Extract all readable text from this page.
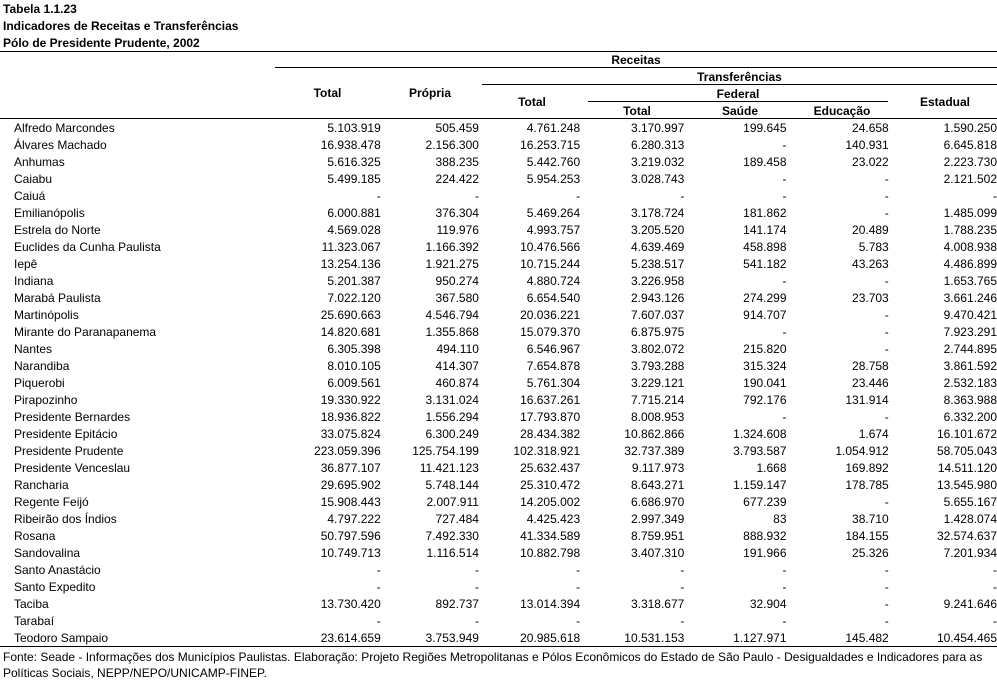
Tabela 1.1.23
Indicadores de Receitas e Transferências
Pólo de Presidente Prudente, 2002
Receitas
Transferências
Federal
Total	Própria
Total
Total	Saúde	Educação
Estadual
Alfredo Marcondes	5.103.919	505.459	4.761.248	3.170.997	199.645	24.658	1.590.250
Álvares Machado	16.938.478	2.156.300	16.253.715	6.280.313	-	140.931	6.645.818
Anhumas	5.616.325	388.235	5.442.760	3.219.032	189.458	23.022	2.223.730
Caiabu	5.499.185	224.422	5.954.253	3.028.743	-	-	2.121.502
Caiuá	-	-	-	-	-	-	-
Emilianópolis	6.000.881	376.304	5.469.264	3.178.724	181.862	-	1.485.099
Estrela do Norte	4.569.028	119.976	4.993.757	3.205.520	141.174	20.489	1.788.235
Euclides da Cunha Paulista	11.323.067	1.166.392	10.476.566	4.639.469	458.898	5.783	4.008.938
Iepê	13.254.136	1.921.275	10.715.244	5.238.517	541.182	43.263	4.486.899
Indiana	5.201.387	950.274	4.880.724	3.226.958	-	-	1.653.765
Marabá Paulista	7.022.120	367.580	6.654.540	2.943.126	274.299	23.703	3.661.246
Martinópolis	25.690.663	4.546.794	20.036.221	7.607.037	914.707	-	9.470.421
Mirante do Paranapanema	14.820.681	1.355.868	15.079.370	6.875.975	-	-	7.923.291
Nantes	6.305.398	494.110	6.546.967	3.802.072	215.820	-	2.744.895
Narandiba	8.010.105	414.307	7.654.878	3.793.288	315.324	28.758	3.861.592
Piquerobi	6.009.561	460.874	5.761.304	3.229.121	190.041	23.446	2.532.183
Pirapozinho	19.330.922	3.131.024	16.637.261	7.715.214	792.176	131.914	8.363.988
Presidente Bernardes	18.936.822	1.556.294	17.793.870	8.008.953	-	-	6.332.200
Presidente Epitácio	33.075.824	6.300.249	28.434.382	10.862.866	1.324.608	1.674	16.101.672
Presidente Prudente	223.059.396	125.754.199	102.318.921	32.737.389	3.793.587	1.054.912	58.705.043
Presidente Venceslau	36.877.107	11.421.123	25.632.437	9.117.973	1.668	169.892	14.511.120
Rancharia	29.695.902	5.748.144	25.310.472	8.643.271	1.159.147	178.785	13.545.980
Regente Feijó	15.908.443	2.007.911	14.205.002	6.686.970	677.239	-	5.655.167
Ribeirão dos Índios	4.797.222	727.484	4.425.423	2.997.349	83	38.710	1.428.074
Rosana	50.797.596	7.492.330	41.334.589	8.759.951	888.932	184.155	32.574.637
Sandovalina	10.749.713	1.116.514	10.882.798	3.407.310	191.966	25.326	7.201.934
Santo Anastácio	-	-	-	-	-	-	-
Santo Expedito	-	-	-	-	-	-	-
Taciba	13.730.420	892.737	13.014.394	3.318.677	32.904	-	9.241.646
Tarabaí	-	-	-	-	-	-	-
Teodoro Sampaio	23.614.659	3.753.949	20.985.618	10.531.153	1.127.971	145.482	10.454.465
Fonte: Seade - Informações dos Municípios Paulistas. Elaboração: Projeto Regiões Metropolitanas e Pólos Econômicos do Estado de São Paulo - Desigualdades e Indicadores para as Políticas Sociais, NEPP/NEPO/UNICAMP-FINEP.
